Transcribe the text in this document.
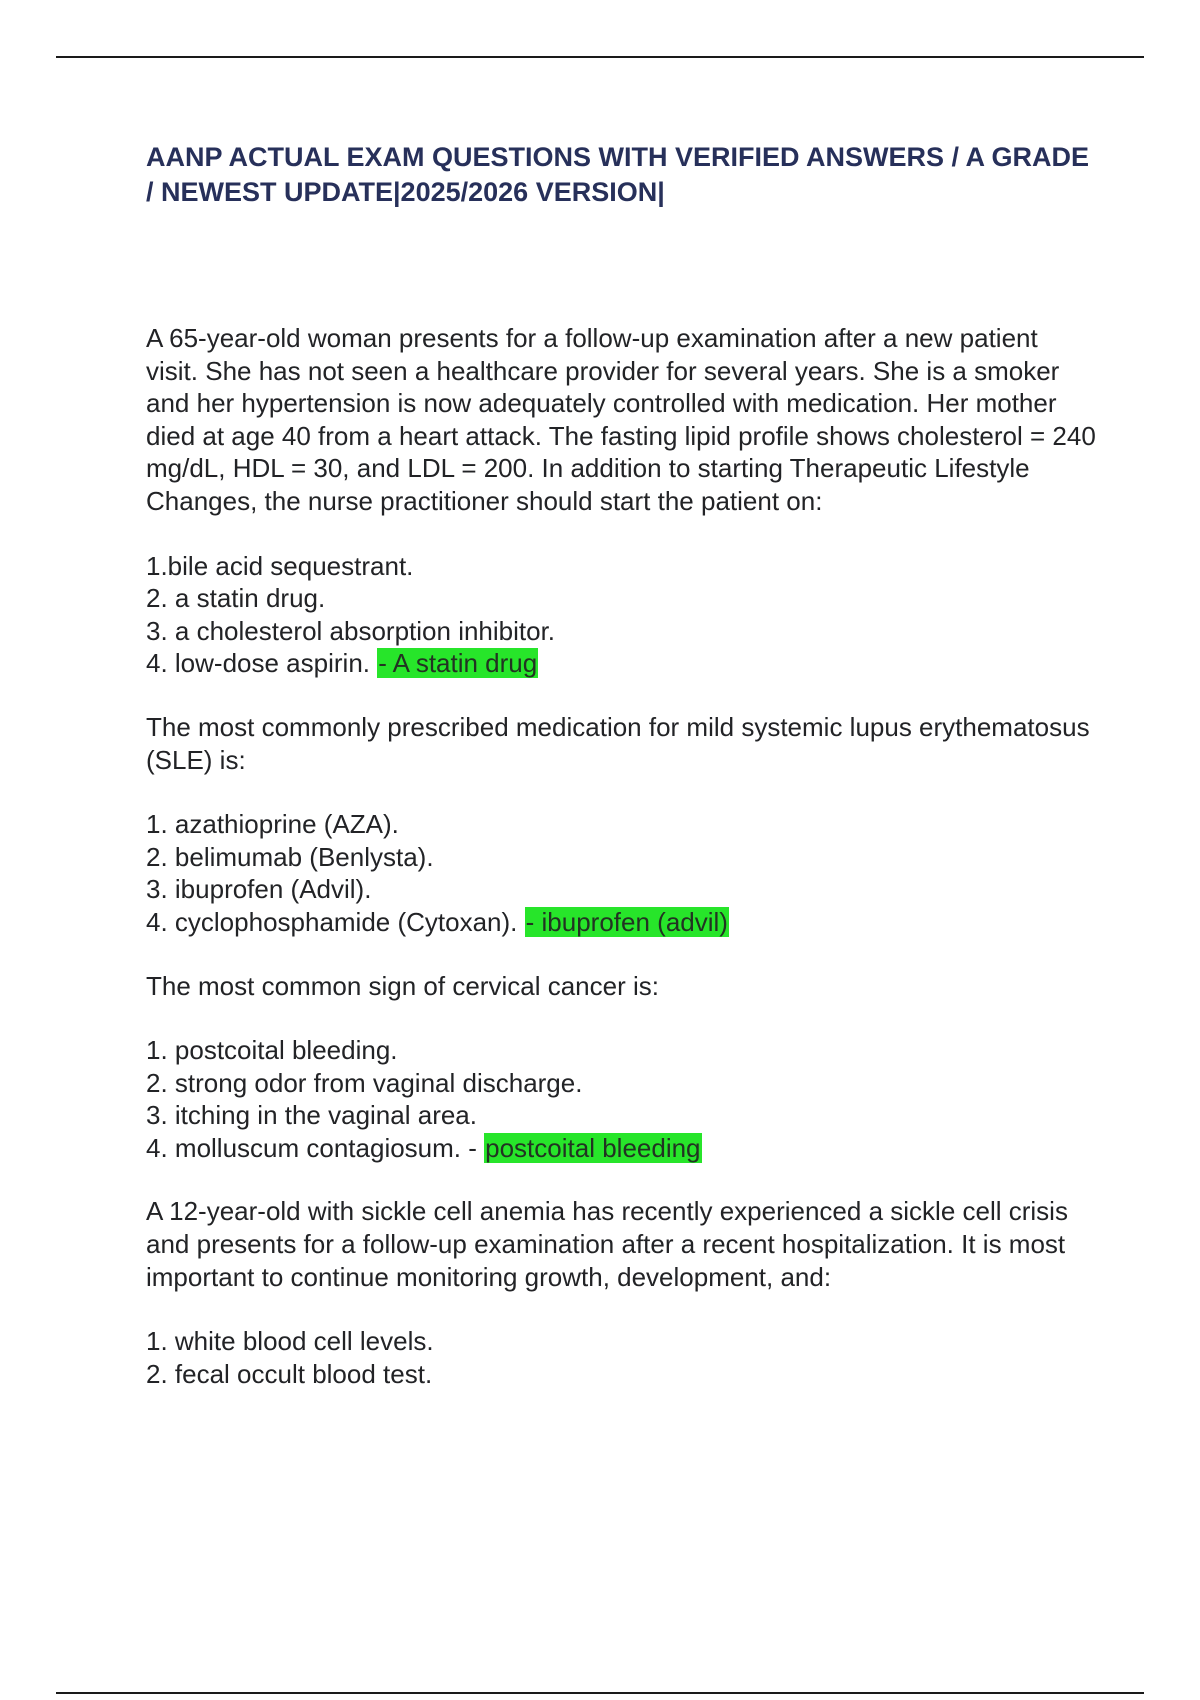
AANP ACTUAL EXAM QUESTIONS WITH VERIFIED ANSWERS / A GRADE / NEWEST UPDATE|2025/2026 VERSION|

A 65-year-old woman presents for a follow-up examination after a new patient visit. She has not seen a healthcare provider for several years. She is a smoker and her hypertension is now adequately controlled with medication. Her mother died at age 40 from a heart attack. The fasting lipid profile shows cholesterol = 240 mg/dL, HDL = 30, and LDL = 200. In addition to starting Therapeutic Lifestyle Changes, the nurse practitioner should start the patient on:

1.bile acid sequestrant.
2. a statin drug.
3. a cholesterol absorption inhibitor.
4. low-dose aspirin. - A statin drug

The most commonly prescribed medication for mild systemic lupus erythematosus (SLE) is:

1. azathioprine (AZA).
2. belimumab (Benlysta).
3. ibuprofen (Advil).
4. cyclophosphamide (Cytoxan). - ibuprofen (advil)

The most common sign of cervical cancer is:

1. postcoital bleeding.
2. strong odor from vaginal discharge.
3. itching in the vaginal area.
4. molluscum contagiosum. - postcoital bleeding

A 12-year-old with sickle cell anemia has recently experienced a sickle cell crisis and presents for a follow-up examination after a recent hospitalization. It is most important to continue monitoring growth, development, and:

1. white blood cell levels.
2. fecal occult blood test.
